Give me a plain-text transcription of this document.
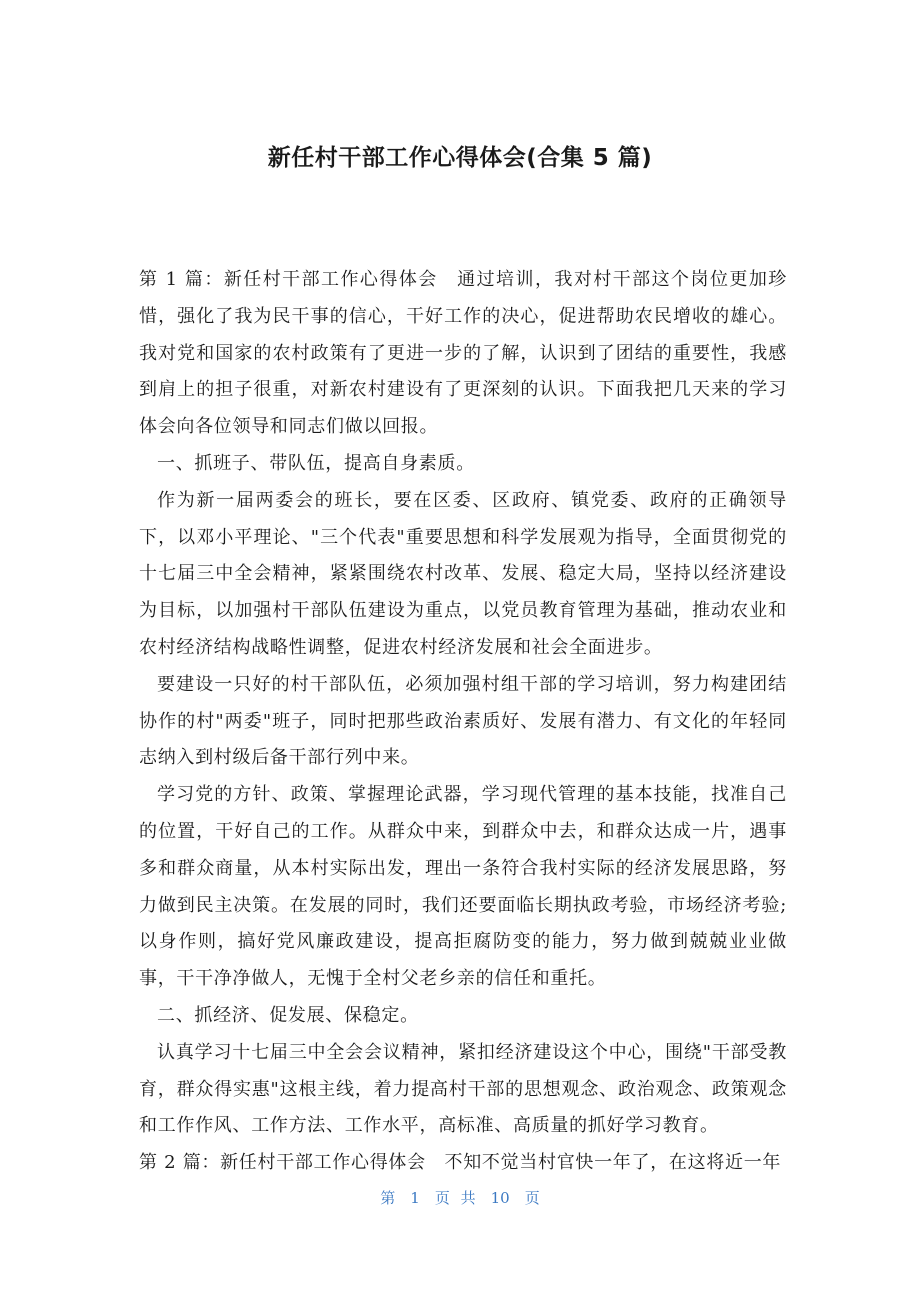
新任村干部工作心得体会(合集 5 篇)

第 1 篇：新任村干部工作心得体会　通过培训，我对村干部这个岗位更加珍惜，强化了我为民干事的信心，干好工作的决心，促进帮助农民增收的雄心。我对党和国家的农村政策有了更进一步的了解，认识到了团结的重要性，我感到肩上的担子很重，对新农村建设有了更深刻的认识。下面我把几天来的学习体会向各位领导和同志们做以回报。

一、抓班子、带队伍，提高自身素质。

作为新一届两委会的班长，要在区委、区政府、镇党委、政府的正确领导下，以邓小平理论、"三个代表"重要思想和科学发展观为指导，全面贯彻党的十七届三中全会精神，紧紧围绕农村改革、发展、稳定大局，坚持以经济建设为目标，以加强村干部队伍建设为重点，以党员教育管理为基础，推动农业和农村经济结构战略性调整，促进农村经济发展和社会全面进步。

要建设一只好的村干部队伍，必须加强村组干部的学习培训，努力构建团结协作的村"两委"班子，同时把那些政治素质好、发展有潜力、有文化的年轻同志纳入到村级后备干部行列中来。

学习党的方针、政策、掌握理论武器，学习现代管理的基本技能，找准自己的位置，干好自己的工作。从群众中来，到群众中去，和群众达成一片，遇事多和群众商量，从本村实际出发，理出一条符合我村实际的经济发展思路，努力做到民主决策。在发展的同时，我们还要面临长期执政考验，市场经济考验;以身作则，搞好党风廉政建设，提高拒腐防变的能力，努力做到兢兢业业做事，干干净净做人，无愧于全村父老乡亲的信任和重托。

二、抓经济、促发展、保稳定。

认真学习十七届三中全会会议精神，紧扣经济建设这个中心，围绕"干部受教育，群众得实惠"这根主线，着力提高村干部的思想观念、政治观念、政策观念和工作作风、工作方法、工作水平，高标准、高质量的抓好学习教育。

第 2 篇：新任村干部工作心得体会　不知不觉当村官快一年了，在这将近一年

第　1　页 共　10　页
